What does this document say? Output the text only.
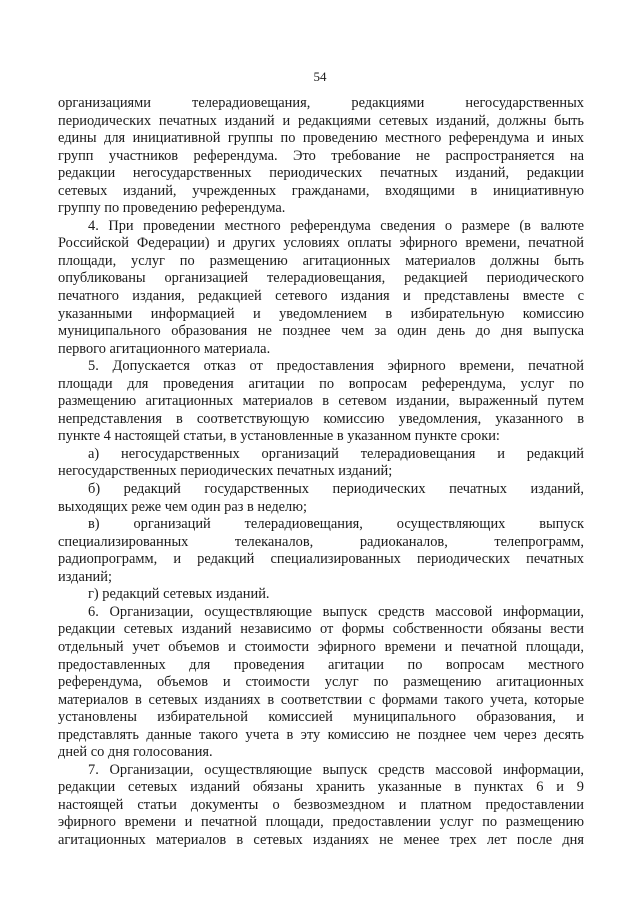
54

организациями телерадиовещания, редакциями негосударственных
периодических печатных изданий и редакциями сетевых изданий, должны быть
едины для инициативной группы по проведению местного референдума и иных
групп участников референдума. Это требование не распространяется на
редакции негосударственных периодических печатных изданий, редакции
сетевых изданий, учрежденных гражданами, входящими в инициативную
группу по проведению референдума.

4. При проведении местного референдума сведения о размере (в валюте
Российской Федерации) и других условиях оплаты эфирного времени, печатной
площади, услуг по размещению агитационных материалов должны быть
опубликованы организацией телерадиовещания, редакцией периодического
печатного издания, редакцией сетевого издания и представлены вместе с
указанными информацией и уведомлением в избирательную комиссию
муниципального образования не позднее чем за один день до дня выпуска
первого агитационного материала.

5. Допускается отказ от предоставления эфирного времени, печатной
площади для проведения агитации по вопросам референдума, услуг по
размещению агитационных материалов в сетевом издании, выраженный путем
непредставления в соответствующую комиссию уведомления, указанного в
пункте 4 настоящей статьи, в установленные в указанном пункте сроки:

а) негосударственных организаций телерадиовещания и редакций
негосударственных периодических печатных изданий;

б) редакций государственных периодических печатных изданий,
выходящих реже чем один раз в неделю;

в) организаций телерадиовещания, осуществляющих выпуск
специализированных телеканалов, радиоканалов, телепрограмм,
радиопрограмм, и редакций специализированных периодических печатных
изданий;

г) редакций сетевых изданий.

6. Организации, осуществляющие выпуск средств массовой информации,
редакции сетевых изданий независимо от формы собственности обязаны вести
отдельный учет объемов и стоимости эфирного времени и печатной площади,
предоставленных для проведения агитации по вопросам местного
референдума, объемов и стоимости услуг по размещению агитационных
материалов в сетевых изданиях в соответствии с формами такого учета, которые
установлены избирательной комиссией муниципального образования, и
представлять данные такого учета в эту комиссию не позднее чем через десять
дней со дня голосования.

7. Организации, осуществляющие выпуск средств массовой информации,
редакции сетевых изданий обязаны хранить указанные в пунктах 6 и 9
настоящей статьи документы о безвозмездном и платном предоставлении
эфирного времени и печатной площади, предоставлении услуг по размещению
агитационных материалов в сетевых изданиях не менее трех лет после дня
